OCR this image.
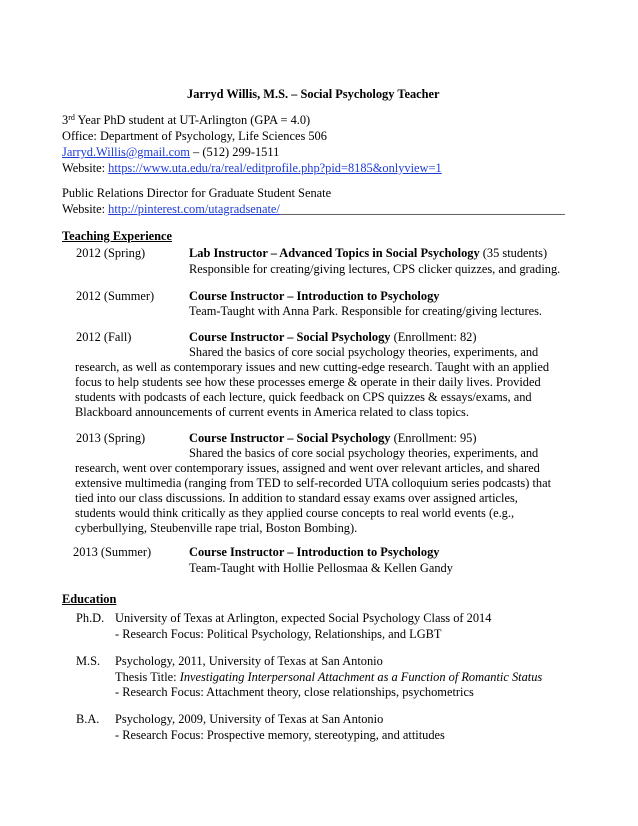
Jarryd Willis, M.S. – Social Psychology Teacher
3rd Year PhD student at UT-Arlington (GPA = 4.0)
Office: Department of Psychology, Life Sciences 506
Jarryd.Willis@gmail.com – (512) 299-1511
Website: https://www.uta.edu/ra/real/editprofile.php?pid=8185&onlyview=1
Public Relations Director for Graduate Student Senate
Website: http://pinterest.com/utagradsenate/______________________________________________
Teaching Experience
2012 (Spring)	Lab Instructor – Advanced Topics in Social Psychology (35 students)
Responsible for creating/giving lectures, CPS clicker quizzes, and grading.
2012 (Summer)	Course Instructor – Introduction to Psychology
Team-Taught with Anna Park. Responsible for creating/giving lectures.
2012 (Fall)	Course Instructor – Social Psychology (Enrollment: 82)
Shared the basics of core social psychology theories, experiments, and
research, as well as contemporary issues and new cutting-edge research. Taught with an applied focus to help students see how these processes emerge & operate in their daily lives. Provided students with podcasts of each lecture, quick feedback on CPS quizzes & essays/exams, and Blackboard announcements of current events in America related to class topics.
2013 (Spring)	Course Instructor – Social Psychology (Enrollment: 95)
Shared the basics of core social psychology theories, experiments, and
research, went over contemporary issues, assigned and went over relevant articles, and shared extensive multimedia (ranging from TED to self-recorded UTA colloquium series podcasts) that tied into our class discussions. In addition to standard essay exams over assigned articles, students would think critically as they applied course concepts to real world events (e.g., cyberbullying, Steubenville rape trial, Boston Bombing).
2013 (Summer)	Course Instructor – Introduction to Psychology
Team-Taught with Hollie Pellosmaa & Kellen Gandy
Education
Ph.D. University of Texas at Arlington, expected Social Psychology Class of 2014
- Research Focus: Political Psychology, Relationships, and LGBT
M.S. Psychology, 2011, University of Texas at San Antonio
Thesis Title: Investigating Interpersonal Attachment as a Function of Romantic Status
- Research Focus: Attachment theory, close relationships, psychometrics
B.A. Psychology, 2009, University of Texas at San Antonio
- Research Focus: Prospective memory, stereotyping, and attitudes
